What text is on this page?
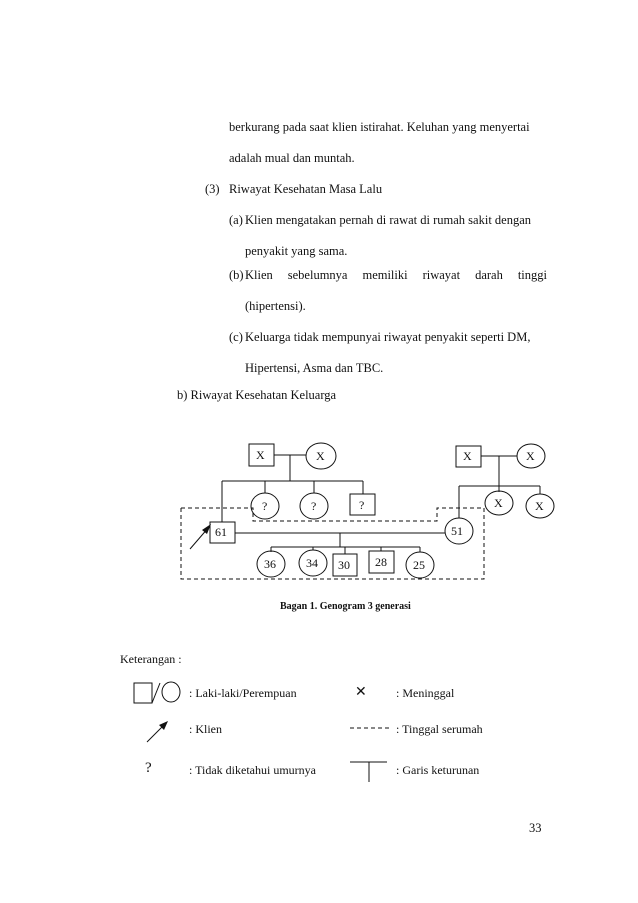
berkurang pada saat klien istirahat. Keluhan yang menyertai
adalah mual dan muntah.
(3) Riwayat Kesehatan Masa Lalu
(a) Klien mengatakan pernah di rawat di rumah sakit dengan
penyakit yang sama.
(b) Klien sebelumnya memiliki riwayat darah tinggi
(hipertensi).
(c) Keluarga tidak mempunyai riwayat penyakit seperti DM,
Hipertensi, Asma dan TBC.
b) Riwayat Kesehatan Keluarga
X	X	X	X
X	X
?	?	?
61	51
36	34 30 28 25
Bagan 1. Genogram 3 generasi
Keterangan :
: Laki-laki/Perempuan	✕ : Meninggal
: Klien	: Tinggal serumah
?	: Tidak diketahui umurnya	: Garis keturunan
33
